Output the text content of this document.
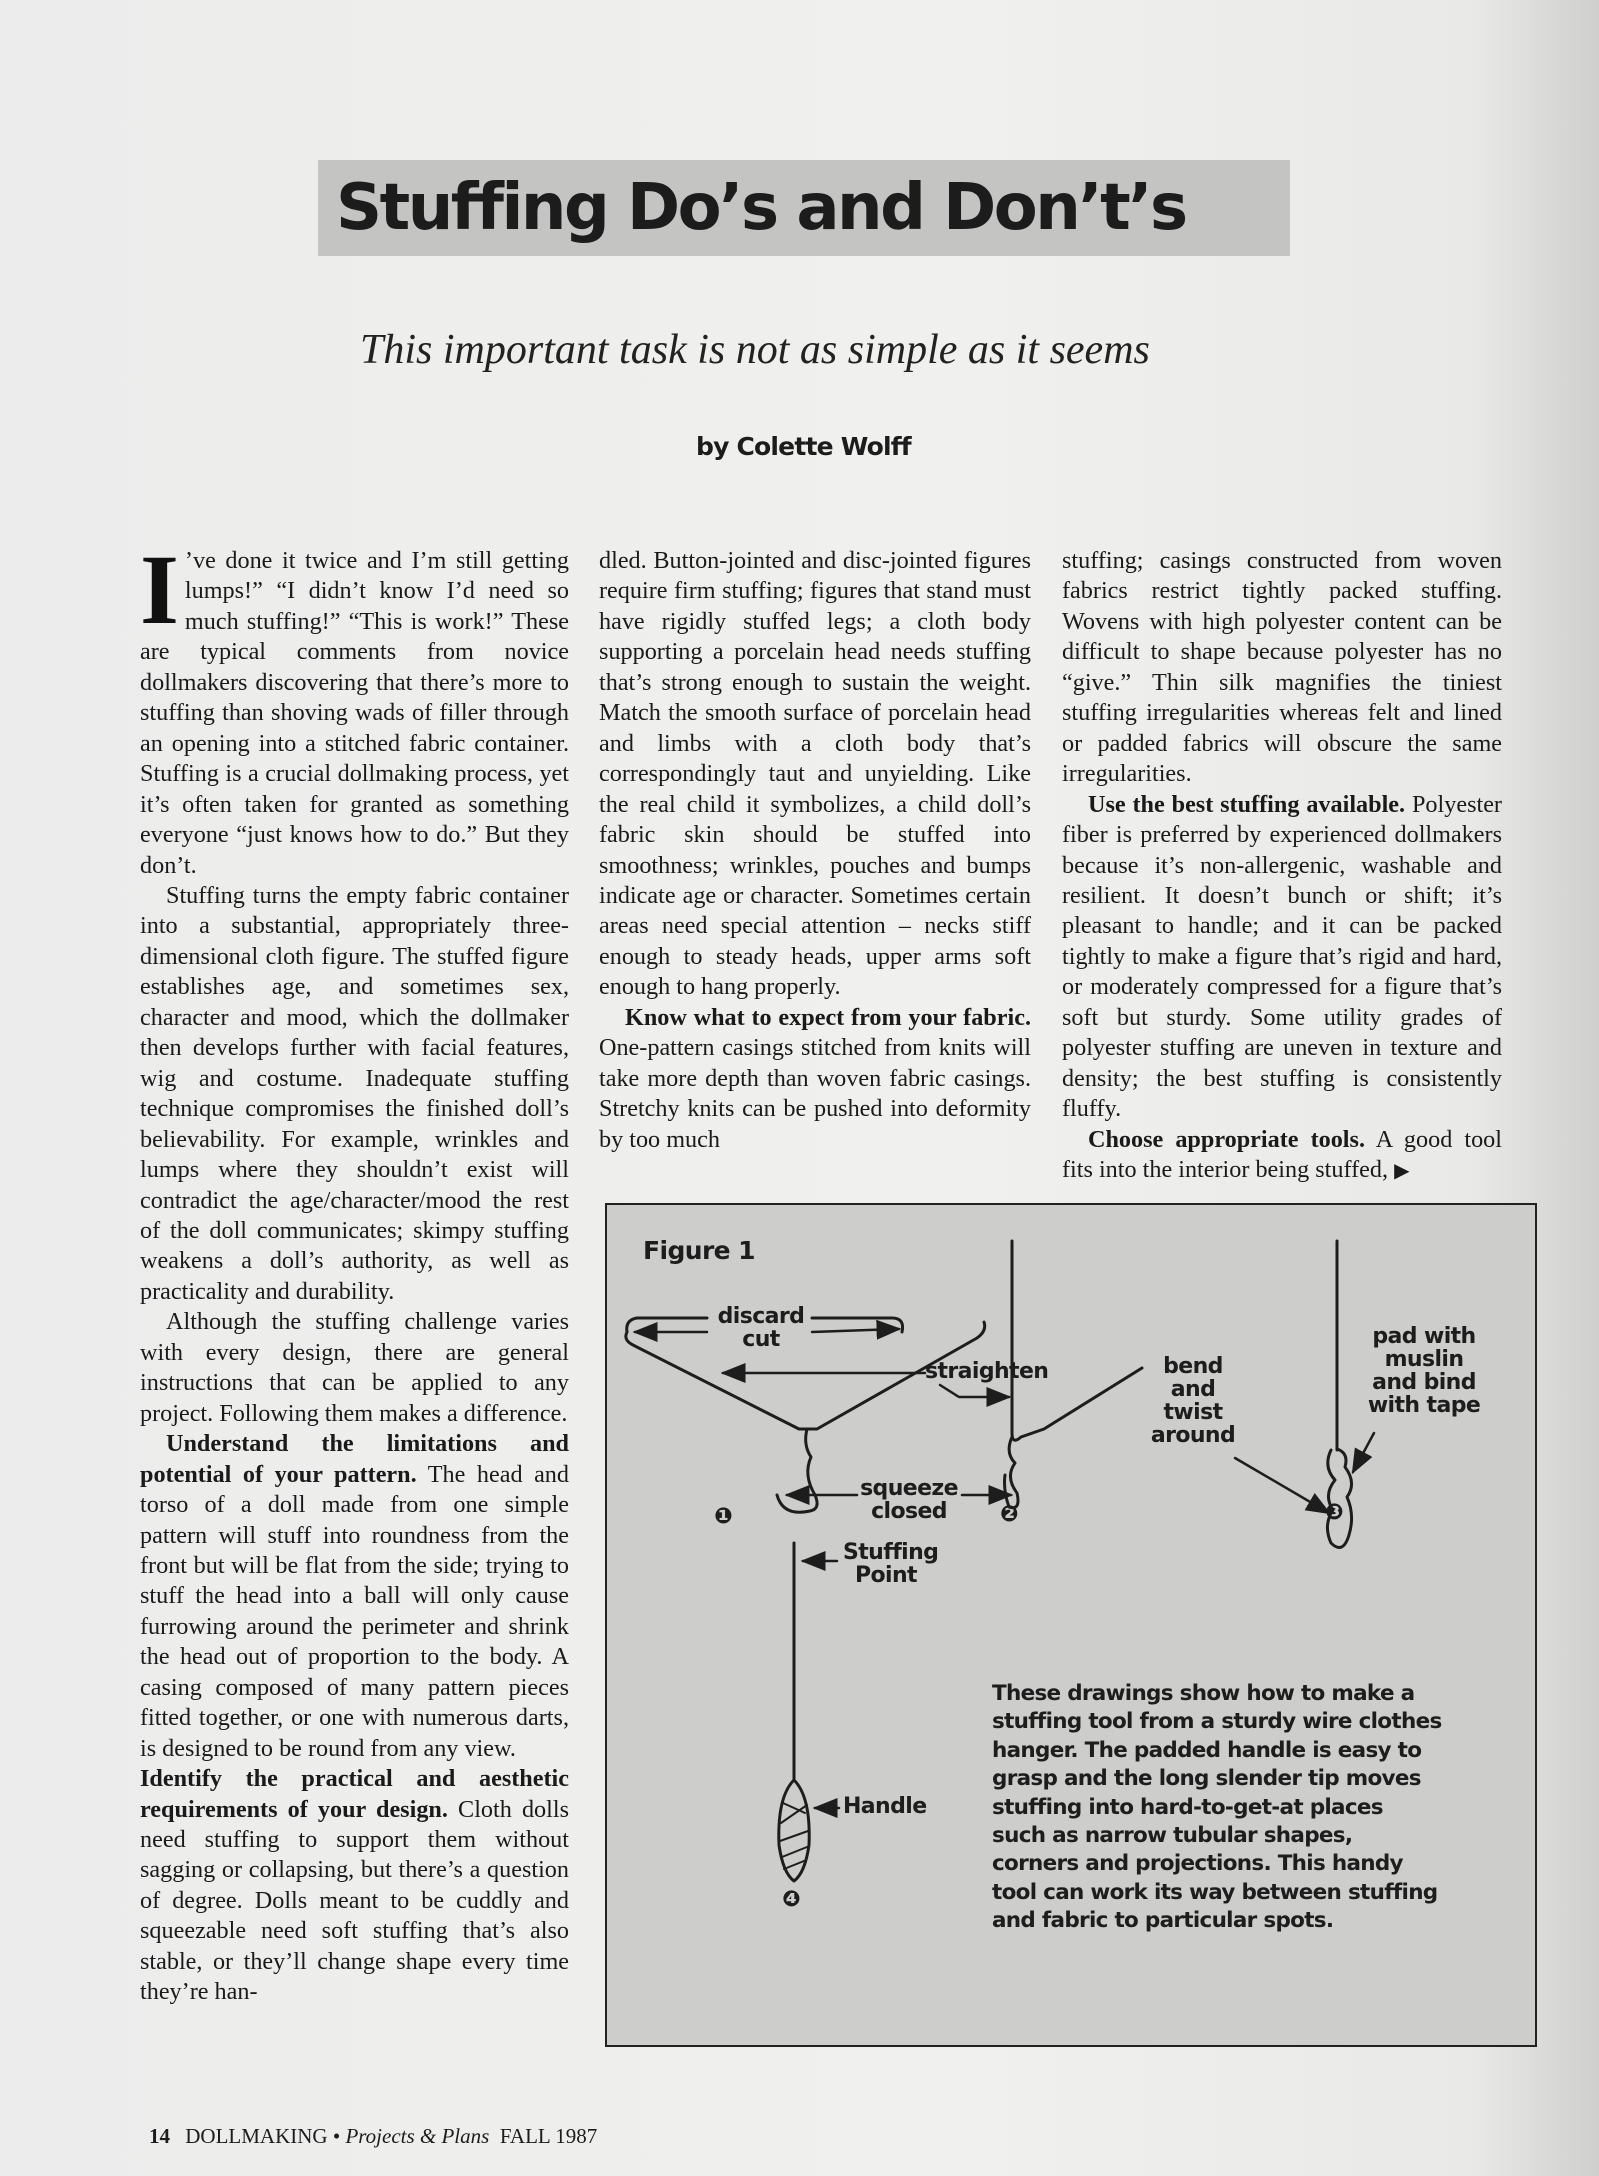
Stuffing Do’s and Don’t’s
This important task is not as simple as it seems
by Colette Wolff

I ’ve done it twice and I’m still getting lumps!” “I didn’t know I’d need so much stuffing!” “This is work!” These are typical comments from novice dollmakers discovering that there’s more to stuffing than shoving wads of filler through an opening into a stitched fabric container. Stuffing is a crucial dollmaking process, yet it’s often taken for granted as something everyone “just knows how to do.” But they don’t.

Stuffing turns the empty fabric container into a substantial, appropriately three-dimensional cloth figure. The stuffed figure establishes age, and sometimes sex, character and mood, which the dollmaker then develops further with facial features, wig and costume. Inadequate stuffing technique compromises the finished doll’s believability. For example, wrinkles and lumps where they shouldn’t exist will contradict the age/character/mood the rest of the doll communicates; skimpy stuffing weakens a doll’s authority, as well as practicality and durability.

Although the stuffing challenge varies with every design, there are general instructions that can be applied to any project. Following them makes a difference.

Understand the limitations and potential of your pattern. The head and torso of a doll made from one simple pattern will stuff into roundness from the front but will be flat from the side; trying to stuff the head into a ball will only cause furrowing around the perimeter and shrink the head out of proportion to the body. A casing composed of many pattern pieces fitted together, or one with numerous darts, is designed to be round from any view.

Identify the practical and aesthetic requirements of your design. Cloth dolls need stuffing to support them without sagging or collapsing, but there’s a question of degree. Dolls meant to be cuddly and squeezable need soft stuffing that’s also stable, or they’ll change shape every time they’re han-

dled. Button-jointed and disc-jointed figures require firm stuffing; figures that stand must have rigidly stuffed legs; a cloth body supporting a porcelain head needs stuffing that’s strong enough to sustain the weight. Match the smooth surface of porcelain head and limbs with a cloth body that’s correspondingly taut and unyielding. Like the real child it symbolizes, a child doll’s fabric skin should be stuffed into smoothness; wrinkles, pouches and bumps indicate age or character. Sometimes certain areas need special attention – necks stiff enough to steady heads, upper arms soft enough to hang properly.

Know what to expect from your fabric. One-pattern casings stitched from knits will take more depth than woven fabric casings. Stretchy knits can be pushed into deformity by too much

stuffing; casings constructed from woven fabrics restrict tightly packed stuffing. Wovens with high polyester content can be difficult to shape because polyester has no “give.” Thin silk magnifies the tiniest stuffing irregularities whereas felt and lined or padded fabrics will obscure the same irregularities.

Use the best stuffing available. Polyester fiber is preferred by experienced dollmakers because it’s non-allergenic, washable and resilient. It doesn’t bunch or shift; it’s pleasant to handle; and it can be packed tightly to make a figure that’s rigid and hard, or moderately compressed for a figure that’s soft but sturdy. Some utility grades of polyester stuffing are uneven in texture and density; the best stuffing is consistently fluffy.

Choose appropriate tools. A good tool fits into the interior being stuffed, ▶

Figure 1
discard
cut
straighten
squeeze
closed
bend
and
twist
around
pad with
muslin
and bind
with tape
❶	❷	❸
❹
Stuffing
Point
Handle
These drawings show how to make a stuffing tool from a sturdy wire clothes hanger. The padded handle is easy to grasp and the long slender tip moves stuffing into hard-to-get-at places such as narrow tubular shapes, corners and projections. This handy tool can work its way between stuffing and fabric to particular spots.
14 DOLLMAKING • Projects & Plans FALL 1987
